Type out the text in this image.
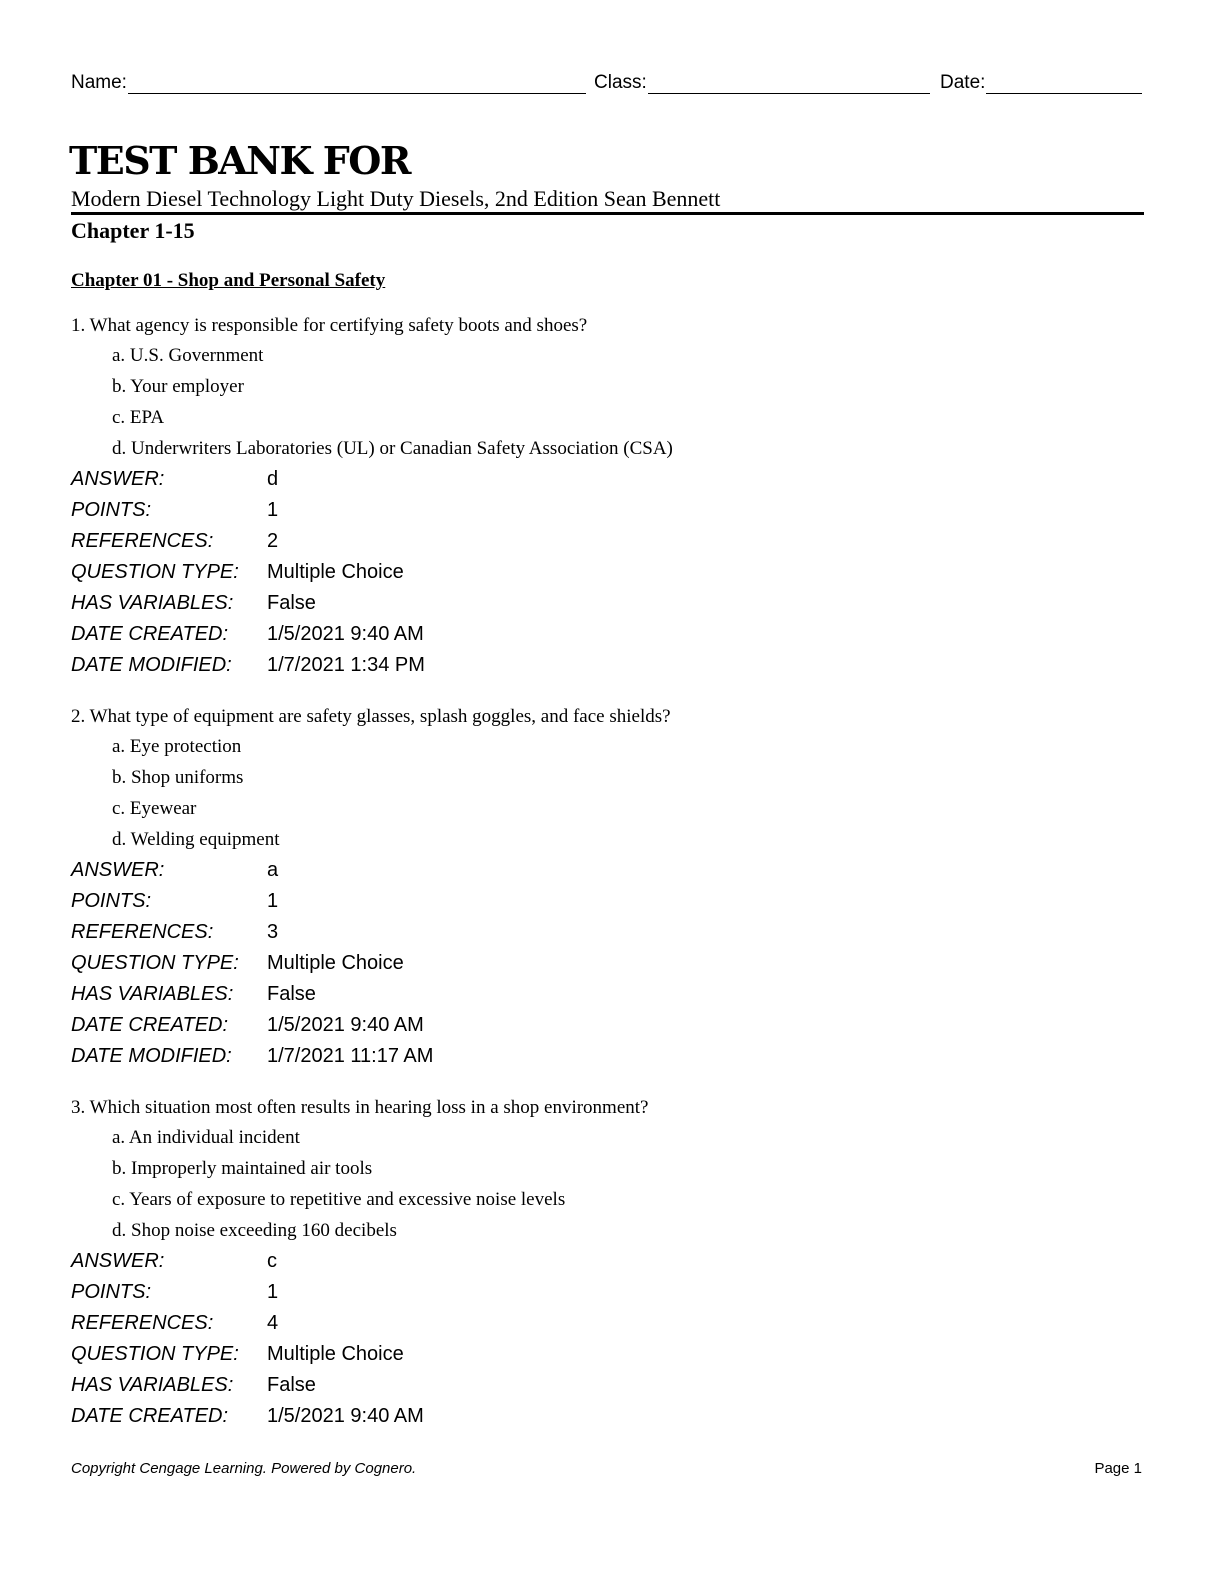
Name:	Class:	Date:
TEST BANK FOR
Modern Diesel Technology Light Duty Diesels, 2nd Edition Sean Bennett
Chapter 1-15
Chapter 01 - Shop and Personal Safety
1. What agency is responsible for certifying safety boots and shoes?
a. U.S. Government
b. Your employer
c. EPA
d. Underwriters Laboratories (UL) or Canadian Safety Association (CSA)
ANSWER:	d
POINTS:	1
REFERENCES:	2
QUESTION TYPE:	Multiple Choice
HAS VARIABLES:	False
DATE CREATED:	1/5/2021 9:40 AM
DATE MODIFIED:	1/7/2021 1:34 PM
2. What type of equipment are safety glasses, splash goggles, and face shields?
a. Eye protection
b. Shop uniforms
c. Eyewear
d. Welding equipment
ANSWER:	a
POINTS:	1
REFERENCES:	3
QUESTION TYPE:	Multiple Choice
HAS VARIABLES:	False
DATE CREATED:	1/5/2021 9:40 AM
DATE MODIFIED:	1/7/2021 11:17 AM
3. Which situation most often results in hearing loss in a shop environment?
a. An individual incident
b. Improperly maintained air tools
c. Years of exposure to repetitive and excessive noise levels
d. Shop noise exceeding 160 decibels
ANSWER:	c
POINTS:	1
REFERENCES:	4
QUESTION TYPE:	Multiple Choice
HAS VARIABLES:	False
DATE CREATED:	1/5/2021 9:40 AM
Copyright Cengage Learning. Powered by Cognero.	Page 1
